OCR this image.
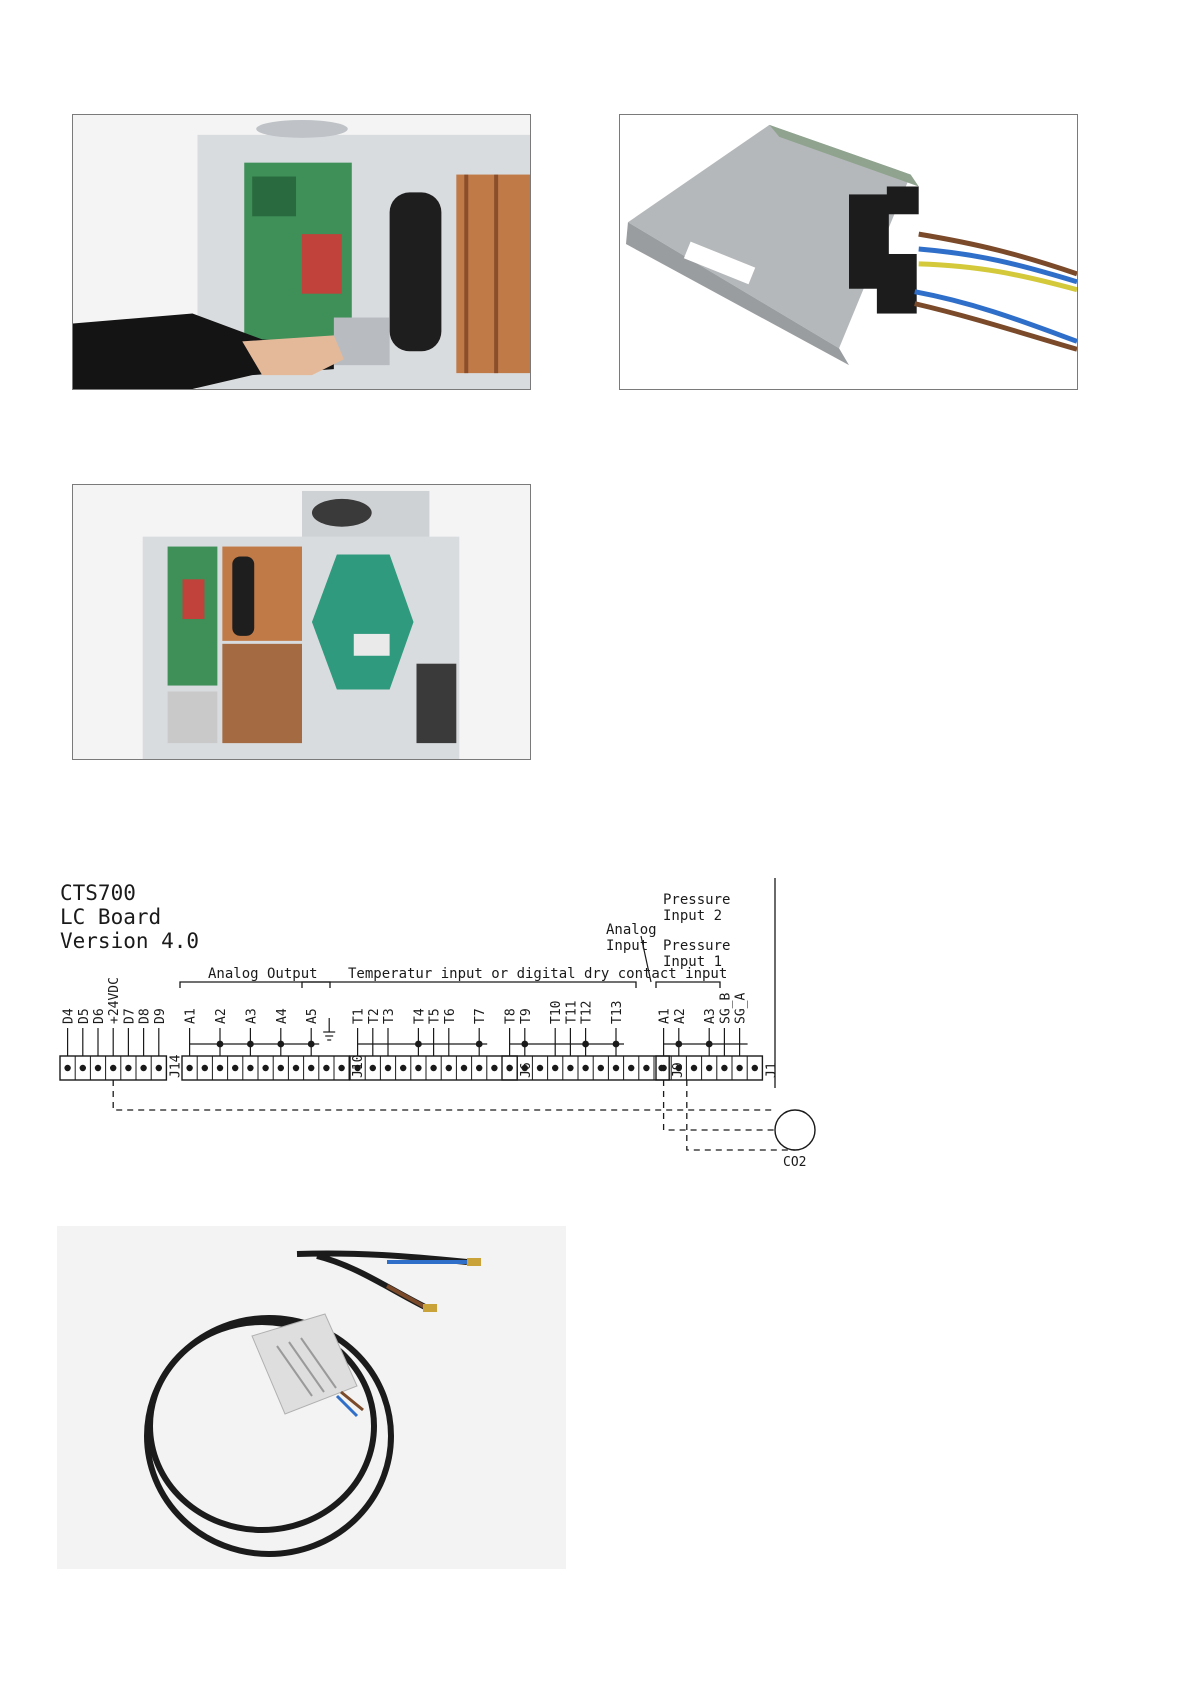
CTS700
LC Board
Version 4.0
Analog Output Temperatur input or digital dry contact input
Analog
Input
Pressure
Input 2
Pressure
Input 1
D4 D5 D6 +24VDC D7 D8 D9 A1 A2 A3 A4 A5 T1 T2 T3 T4 T5 T6 T7 T8 T9 T10 T11 T12 T13	A1 A2 A3 SG_B SG_A
J14	J10	J6	J9	J1
CO2
